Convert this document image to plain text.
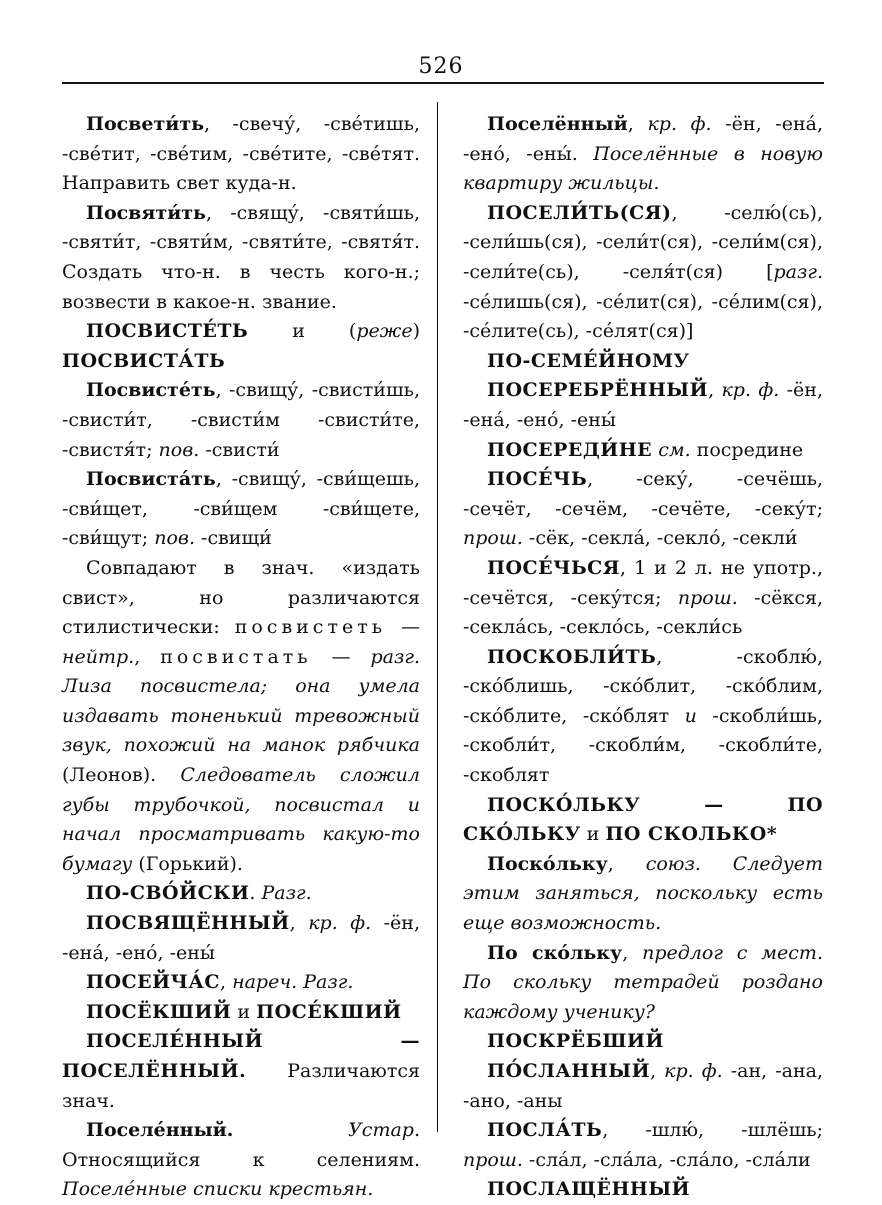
526

Посвети́ть, -свечу́, -све́тишь, -све́тит, -све́тим, -све́тите, -све́тят. Направить свет куда-н.

Посвяти́ть, -свящу́, -святи́шь, -святи́т, -святи́м, -святи́те, -святя́т. Создать что-н. в честь кого-н.; возвести в какое-н. звание.

ПОСВИСТЕ́ТЬ и (реже) ПОСВИСТА́ТЬ

Посвисте́ть, -свищу́, -свисти́шь, -свисти́т, -свисти́м -свисти́те, -свистя́т; пов. -свисти́

Посвиста́ть, -свищу́, -сви́щешь, -сви́щет, -сви́щем -сви́щете, -сви́щут; пов. -свищи́

Совпадают в знач. «издать свист», но различаются стилистически: посвистеть — нейтр., посвистать — разг. Лиза посвистела; она умела издавать тоненький тревожный звук, похожий на манок рябчика (Леонов). Следователь сложил губы трубочкой, посвистал и начал просматривать какую-то бумагу (Горький).

ПО-СВО́ЙСКИ. Разг.

ПОСВЯЩЁННЫЙ, кр. ф. -ён, -ена́, -ено́, -ены́

ПОСЕЙЧА́С, нареч. Разг.

ПОСЁКШИЙ и ПОСЕ́КШИЙ

ПОСЕЛЕ́ННЫЙ — ПОСЕЛЁННЫЙ. Различаются знач.

Поселе́нный.	Устар. Относящийся к селениям. Поселе́нные списки крестьян.

Поселённый, кр. ф. -ён, -ена́, -ено́, -ены́. Поселённые в новую квартиру жильцы.

ПОСЕЛИ́ТЬ(СЯ), -селю́(сь), -сели́шь(ся), -сели́т(ся), -сели́м(ся), -сели́те(сь), -селя́т(ся) [разг. -се́лишь(ся), -се́лит(ся), -се́лим(ся), -се́лите(сь), -се́лят(ся)]

ПО-СЕМЕ́ЙНОМУ

ПОСЕРЕБРЁННЫЙ, кр. ф. -ён, -ена́, -ено́, -ены́

ПОСЕРЕДИ́НЕ см. посредине

ПОСЕ́ЧЬ, -секу́, -сечёшь, -сечёт, -сечём, -сечёте, -секу́т; прош. -сёк, -секла́, -секло́, -секли́

ПОСЕ́ЧЬСЯ, 1 и 2 л. не употр., -сечётся, -секу́тся; прош. -сёкся, -секла́сь, -секло́сь, -секли́сь

ПОСКОБЛИ́ТЬ, -скоблю́, -ско́блишь, -ско́блит, -ско́блим, -ско́блите, -ско́блят и -скобли́шь, -скобли́т, -скобли́м, -скобли́те, -скоблят

ПОСКО́ЛЬКУ — ПО СКО́ЛЬКУ и ПО СКОЛЬКО*

Поско́льку, союз. Следует этим заняться, поскольку есть еще возможность.

По ско́льку, предлог с мест. По скольку тетрадей роздано каждому ученику?

ПОСКРЁБШИЙ

ПО́СЛАННЫЙ, кр. ф. -ан, -ана, -ано, -аны

ПОСЛА́ТЬ, -шлю́, -шлёшь; прош. -сла́л, -сла́ла, -сла́ло, -сла́ли

ПОСЛАЩЁННЫЙ
